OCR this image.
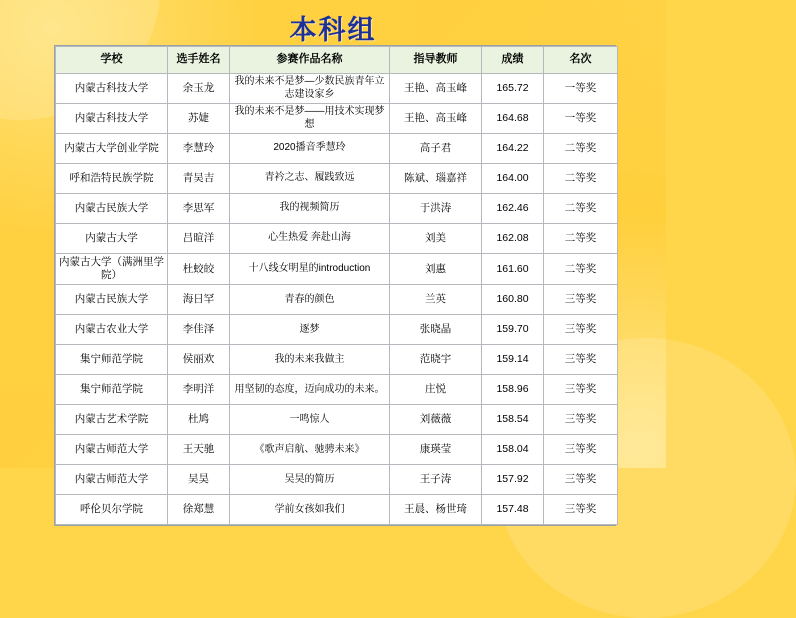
本科组
学校	选手姓名	参赛作品名称	指导教师	成绩	名次
内蒙古科技大学	余玉龙	我的未来不是梦—少数民族青年立志建设家乡	王艳、高玉峰	165.72	一等奖
内蒙古科技大学	苏婕	我的未来不是梦——用技术实现梦想	王艳、高玉峰	164.68	一等奖
内蒙古大学创业学院	李慧玲	2020播音季慧玲	高子君	164.22	二等奖
呼和浩特民族学院	青吴吉	青衿之志、履践致远	陈斌、瑙嘉祥	164.00	二等奖
内蒙古民族大学	李思军	我的视频简历	于洪涛	162.46	二等奖
内蒙古大学	吕暄洋	心生热爱 奔赴山海	刘美	162.08	二等奖
内蒙古大学（满洲里学院）	杜蛟皎	十八线女明星的introduction	刘惠	161.60	二等奖
内蒙古民族大学	海日罕	青春的颜色	兰英	160.80	三等奖
内蒙古农业大学	李佳泽	逐梦	张晓晶	159.70	三等奖
集宁师范学院	侯丽欢	我的未来我做主	范晓宇	159.14	三等奖
集宁师范学院	李明洋	用坚韧的态度，迈向成功的未来。	庄悦	158.96	三等奖
内蒙古艺术学院	杜鸠	一鸣惊人	刘薇薇	158.54	三等奖
内蒙古师范大学	王天驰	《歌声启航、驰骋未来》	康瑛莹	158.04	三等奖
内蒙古师范大学	吴昊	吴昊的简历	王子涛	157.92	三等奖
呼伦贝尔学院	徐郑慧	学前女孩如我们	王晨、杨世琦	157.48	三等奖
